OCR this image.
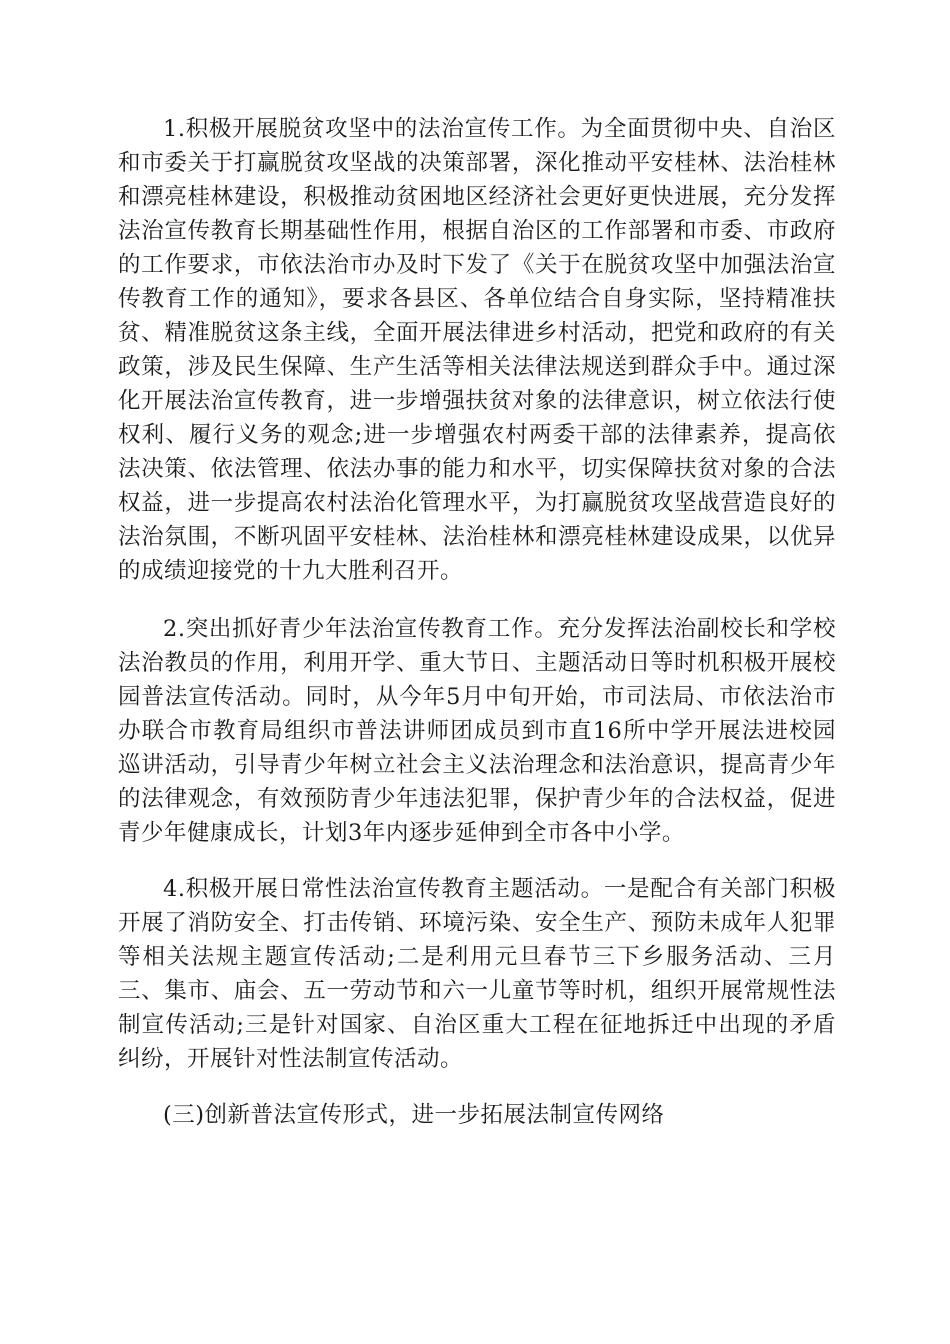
1.积极开展脱贫攻坚中的法治宣传工作。为全面贯彻中央、自治区和市委关于打赢脱贫攻坚战的决策部署，深化推动平安桂林、法治桂林和漂亮桂林建设，积极推动贫困地区经济社会更好更快进展，充分发挥法治宣传教育长期基础性作用，根据自治区的工作部署和市委、市政府的工作要求，市依法治市办及时下发了《关于在脱贫攻坚中加强法治宣传教育工作的通知》，要求各县区、各单位结合自身实际，坚持精准扶贫、精准脱贫这条主线，全面开展法律进乡村活动，把党和政府的有关政策，涉及民生保障、生产生活等相关法律法规送到群众手中。通过深化开展法治宣传教育，进一步增强扶贫对象的法律意识，树立依法行使权利、履行义务的观念;进一步增强农村两委干部的法律素养，提高依法决策、依法管理、依法办事的能力和水平，切实保障扶贫对象的合法权益，进一步提高农村法治化管理水平，为打赢脱贫攻坚战营造良好的法治氛围，不断巩固平安桂林、法治桂林和漂亮桂林建设成果，以优异的成绩迎接党的十九大胜利召开。

2.突出抓好青少年法治宣传教育工作。充分发挥法治副校长和学校法治教员的作用，利用开学、重大节日、主题活动日等时机积极开展校园普法宣传活动。同时，从今年5月中旬开始，市司法局、市依法治市办联合市教育局组织市普法讲师团成员到市直16所中学开展法进校园巡讲活动，引导青少年树立社会主义法治理念和法治意识，提高青少年的法律观念，有效预防青少年违法犯罪，保护青少年的合法权益，促进青少年健康成长，计划3年内逐步延伸到全市各中小学。

4.积极开展日常性法治宣传教育主题活动。一是配合有关部门积极开展了消防安全、打击传销、环境污染、安全生产、预防未成年人犯罪等相关法规主题宣传活动;二是利用元旦春节三下乡服务活动、三月三、集市、庙会、五一劳动节和六一儿童节等时机，组织开展常规性法制宣传活动;三是针对国家、自治区重大工程在征地拆迁中出现的矛盾纠纷，开展针对性法制宣传活动。

(三)创新普法宣传形式，进一步拓展法制宣传网络
